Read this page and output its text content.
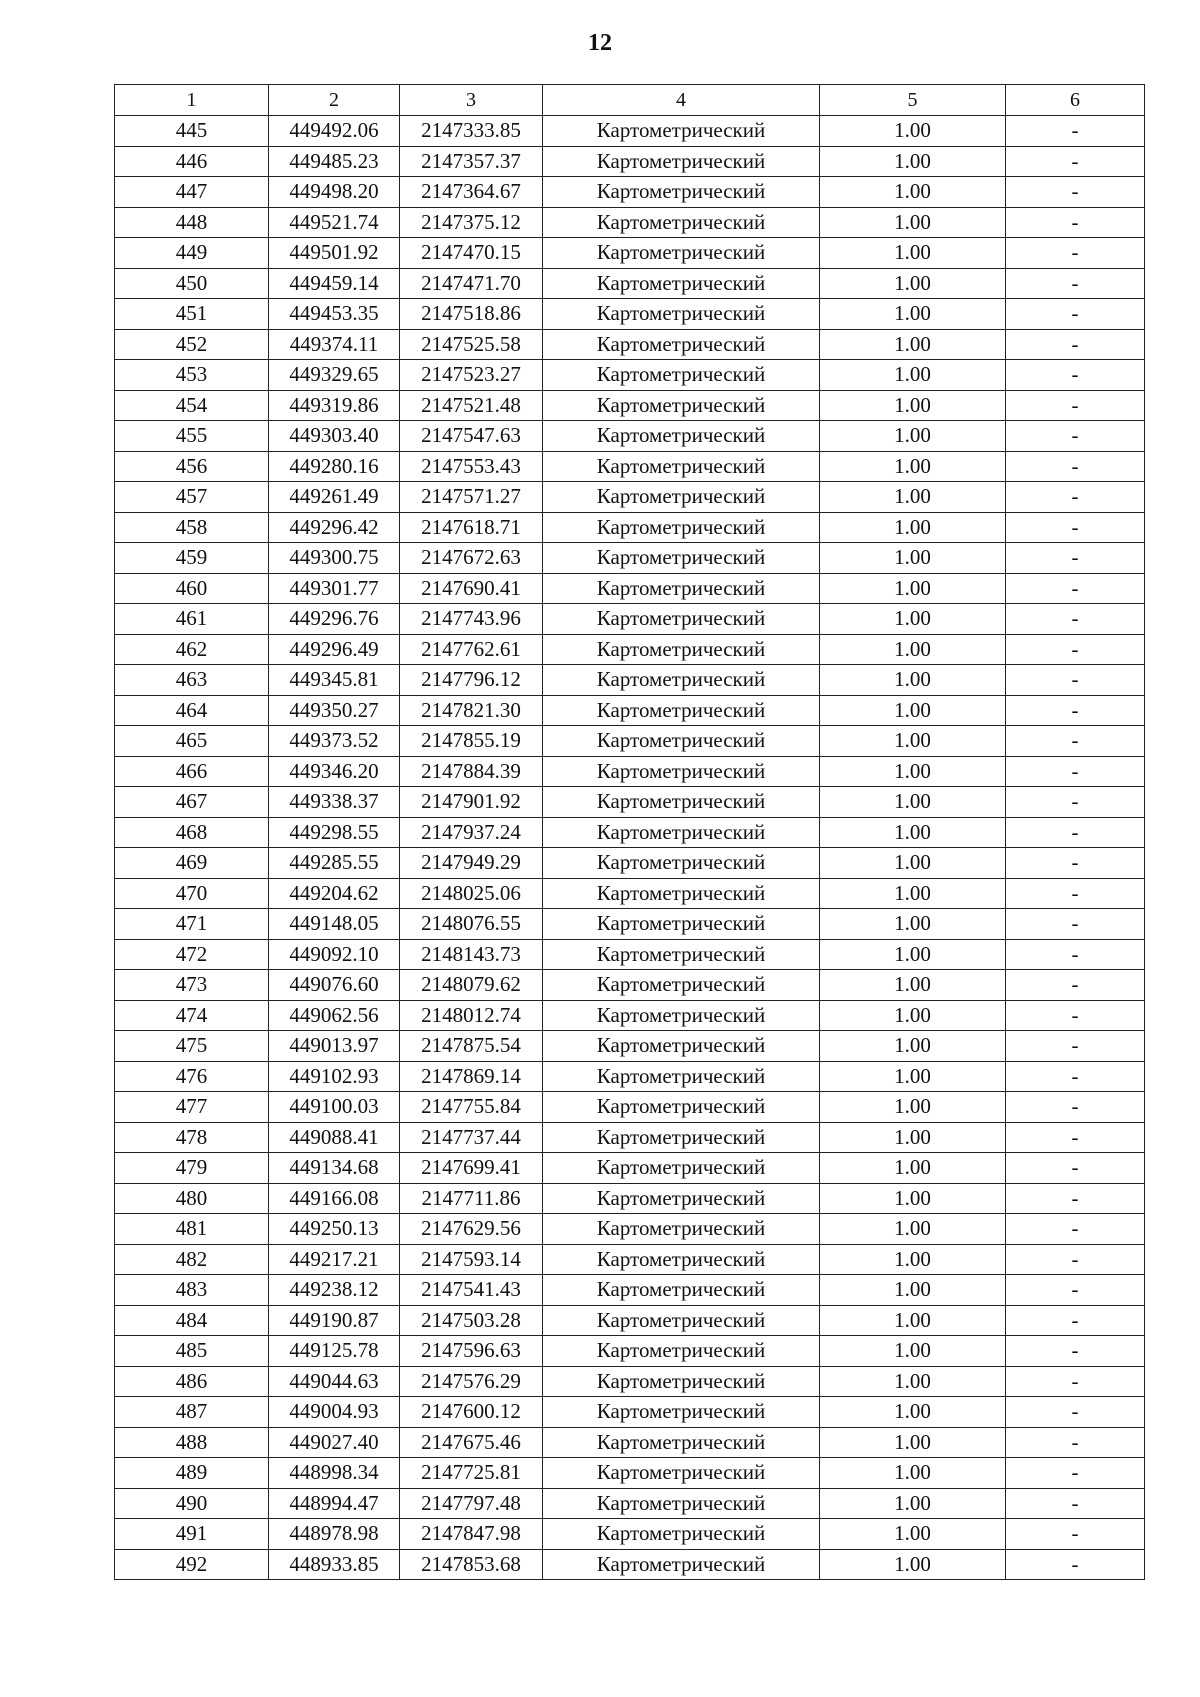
12
1	2	3	4	5	6
445	449492.06	2147333.85	Картометрический	1.00	-
446	449485.23	2147357.37	Картометрический	1.00	-
447	449498.20	2147364.67	Картометрический	1.00	-
448	449521.74	2147375.12	Картометрический	1.00	-
449	449501.92	2147470.15	Картометрический	1.00	-
450	449459.14	2147471.70	Картометрический	1.00	-
451	449453.35	2147518.86	Картометрический	1.00	-
452	449374.11	2147525.58	Картометрический	1.00	-
453	449329.65	2147523.27	Картометрический	1.00	-
454	449319.86	2147521.48	Картометрический	1.00	-
455	449303.40	2147547.63	Картометрический	1.00	-
456	449280.16	2147553.43	Картометрический	1.00	-
457	449261.49	2147571.27	Картометрический	1.00	-
458	449296.42	2147618.71	Картометрический	1.00	-
459	449300.75	2147672.63	Картометрический	1.00	-
460	449301.77	2147690.41	Картометрический	1.00	-
461	449296.76	2147743.96	Картометрический	1.00	-
462	449296.49	2147762.61	Картометрический	1.00	-
463	449345.81	2147796.12	Картометрический	1.00	-
464	449350.27	2147821.30	Картометрический	1.00	-
465	449373.52	2147855.19	Картометрический	1.00	-
466	449346.20	2147884.39	Картометрический	1.00	-
467	449338.37	2147901.92	Картометрический	1.00	-
468	449298.55	2147937.24	Картометрический	1.00	-
469	449285.55	2147949.29	Картометрический	1.00	-
470	449204.62	2148025.06	Картометрический	1.00	-
471	449148.05	2148076.55	Картометрический	1.00	-
472	449092.10	2148143.73	Картометрический	1.00	-
473	449076.60	2148079.62	Картометрический	1.00	-
474	449062.56	2148012.74	Картометрический	1.00	-
475	449013.97	2147875.54	Картометрический	1.00	-
476	449102.93	2147869.14	Картометрический	1.00	-
477	449100.03	2147755.84	Картометрический	1.00	-
478	449088.41	2147737.44	Картометрический	1.00	-
479	449134.68	2147699.41	Картометрический	1.00	-
480	449166.08	2147711.86	Картометрический	1.00	-
481	449250.13	2147629.56	Картометрический	1.00	-
482	449217.21	2147593.14	Картометрический	1.00	-
483	449238.12	2147541.43	Картометрический	1.00	-
484	449190.87	2147503.28	Картометрический	1.00	-
485	449125.78	2147596.63	Картометрический	1.00	-
486	449044.63	2147576.29	Картометрический	1.00	-
487	449004.93	2147600.12	Картометрический	1.00	-
488	449027.40	2147675.46	Картометрический	1.00	-
489	448998.34	2147725.81	Картометрический	1.00	-
490	448994.47	2147797.48	Картометрический	1.00	-
491	448978.98	2147847.98	Картометрический	1.00	-
492	448933.85	2147853.68	Картометрический	1.00	-
